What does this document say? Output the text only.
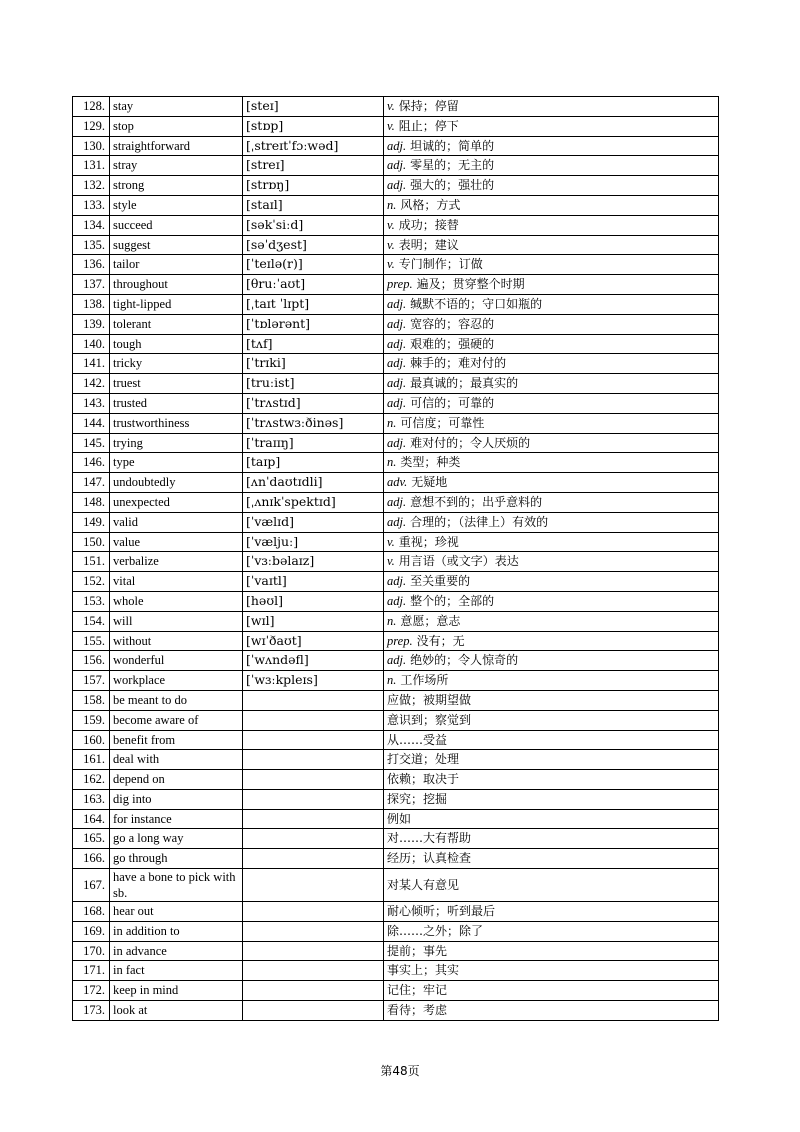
128.	stay	[steɪ]	v. 保持；停留
129.	stop	[stɒp]	v. 阻止；停下
130.	straightforward	[ˌstreɪtˈfɔːwəd]	adj. 坦诚的；简单的
131.	stray	[streɪ]	adj. 零星的；无主的
132.	strong	[strɒŋ]	adj. 强大的；强壮的
133.	style	[staɪl]	n. 风格；方式
134.	succeed	[səkˈsiːd]	v. 成功；接替
135.	suggest	[səˈdʒest]	v. 表明；建议
136.	tailor	[ˈteɪlə(r)]	v. 专门制作；订做
137.	throughout	[θruːˈaʊt]	prep. 遍及；贯穿整个时期
138.	tight-lipped	[ˌtaɪt ˈlɪpt]	adj. 缄默不语的；守口如瓶的
139.	tolerant	[ˈtɒlərənt]	adj. 宽容的；容忍的
140.	tough	[tʌf]	adj. 艰难的；强硬的
141.	tricky	[ˈtrɪki]	adj. 棘手的；难对付的
142.	truest	[truːist]	adj. 最真诚的；最真实的
143.	trusted	[ˈtrʌstɪd]	adj. 可信的；可靠的
144.	trustworthiness	[ˈtrʌstwɜːðinəs]	n. 可信度；可靠性
145.	trying	[ˈtraɪɪŋ]	adj. 难对付的；令人厌烦的
146.	type	[taɪp]	n. 类型；种类
147.	undoubtedly	[ʌnˈdaʊtɪdli]	adv. 无疑地
148.	unexpected	[ˌʌnɪkˈspektɪd]	adj. 意想不到的；出乎意料的
149.	valid	[ˈvælɪd]	adj. 合理的；（法律上）有效的
150.	value	[ˈvæljuː]	v. 重视；珍视
151.	verbalize	[ˈvɜːbəlaɪz]	v. 用言语（或文字）表达
152.	vital	[ˈvaɪtl]	adj. 至关重要的
153.	whole	[həʊl]	adj. 整个的；全部的
154.	will	[wɪl]	n. 意愿；意志
155.	without	[wɪˈðaʊt]	prep. 没有；无
156.	wonderful	[ˈwʌndəfl]	adj. 绝妙的；令人惊奇的
157.	workplace	[ˈwɜːkpleɪs]	n. 工作场所
158.	be meant to do		应做；被期望做
159.	become aware of		意识到；察觉到
160.	benefit from		从……受益
161.	deal with		打交道；处理
162.	depend on		依赖；取决于
163.	dig into		探究；挖掘
164.	for instance		例如
165.	go a long way		对……大有帮助
166.	go through		经历；认真检查
167.	have a bone to pick with sb.		对某人有意见
168.	hear out		耐心倾听；听到最后
169.	in addition to		除……之外；除了
170.	in advance		提前；事先
171.	in fact		事实上；其实
172.	keep in mind		记住；牢记
173.	look at		看待；考虑
第48页
